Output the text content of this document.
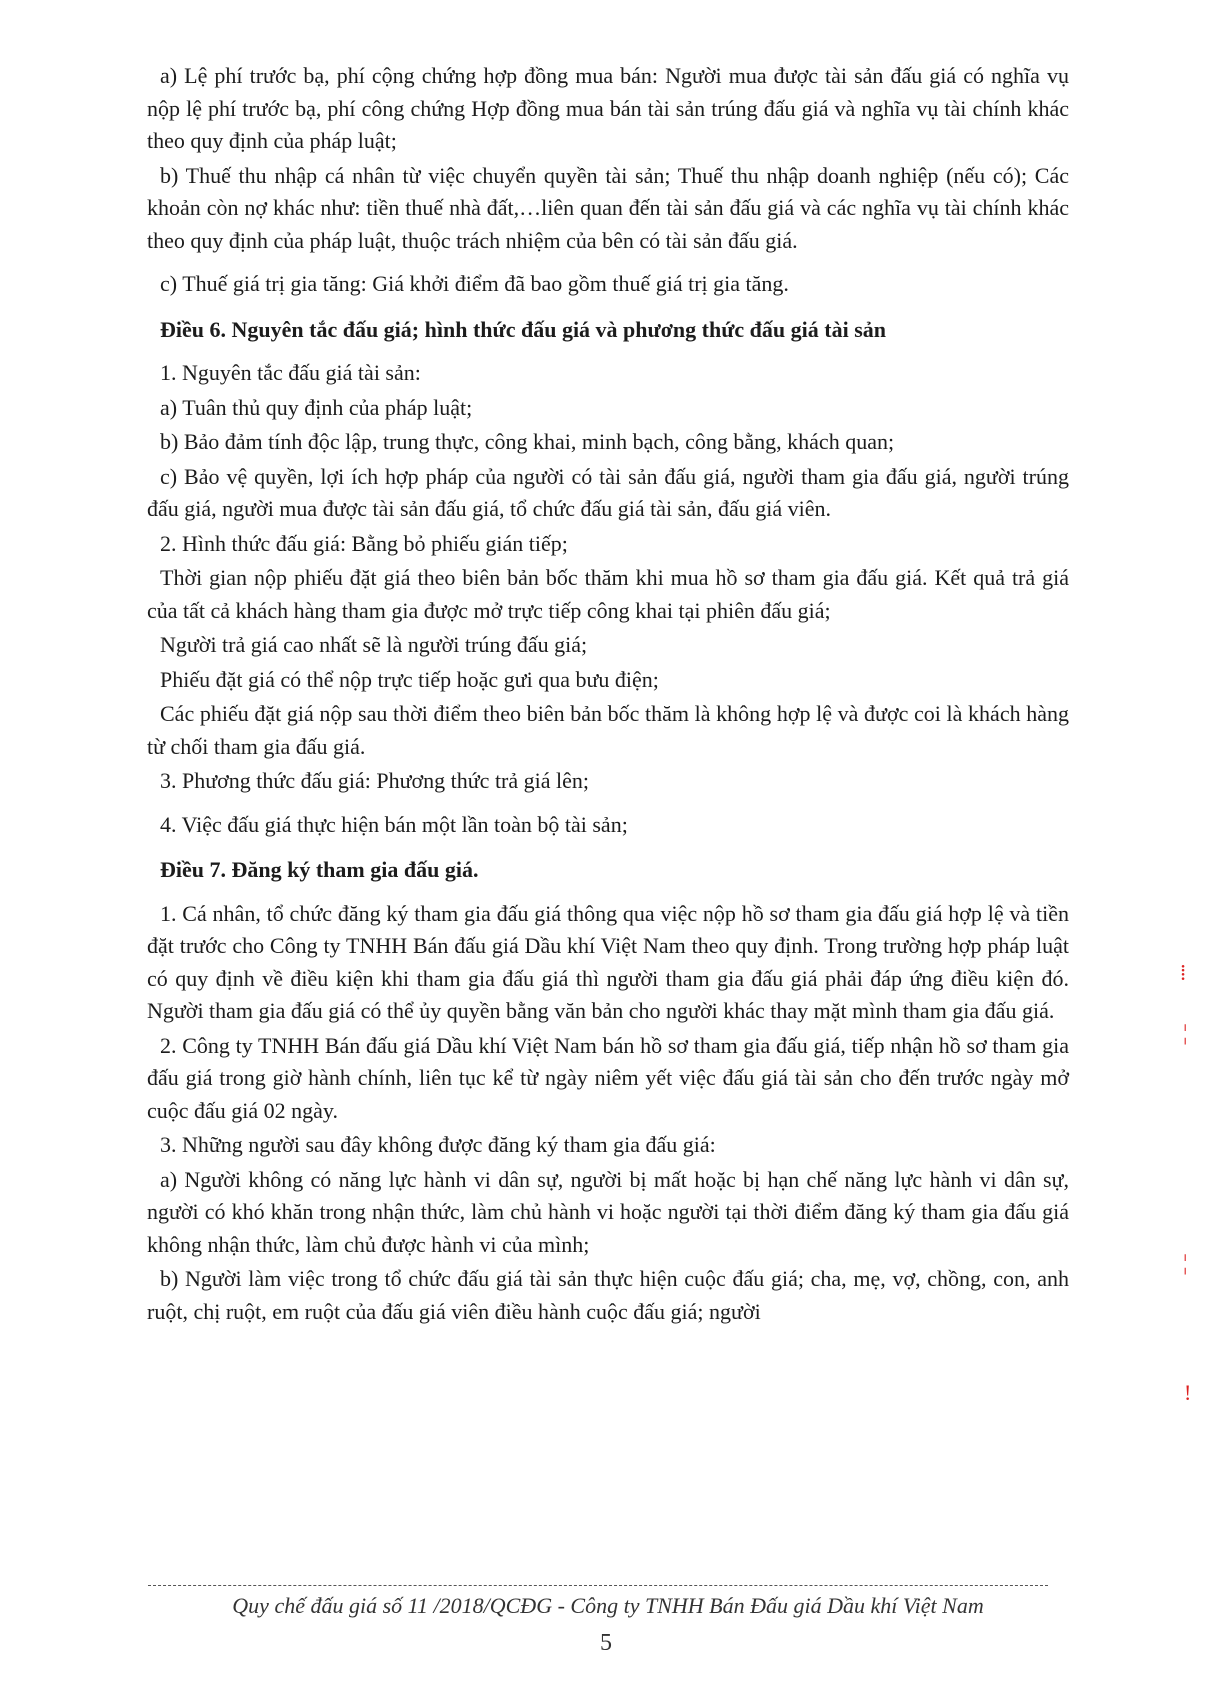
a) Lệ phí trước bạ, phí cộng chứng hợp đồng mua bán: Người mua được tài sản đấu giá có nghĩa vụ nộp lệ phí trước bạ, phí công chứng Hợp đồng mua bán tài sản trúng đấu giá và nghĩa vụ tài chính khác theo quy định của pháp luật;

b) Thuế thu nhập cá nhân từ việc chuyển quyền tài sản; Thuế thu nhập doanh nghiệp (nếu có); Các khoản còn nợ khác như: tiền thuế nhà đất,…liên quan đến tài sản đấu giá và các nghĩa vụ tài chính khác theo quy định của pháp luật, thuộc trách nhiệm của bên có tài sản đấu giá.

c) Thuế giá trị gia tăng: Giá khởi điểm đã bao gồm thuế giá trị gia tăng.

Điều 6. Nguyên tắc đấu giá; hình thức đấu giá và phương thức đấu giá tài sản

1. Nguyên tắc đấu giá tài sản:

a) Tuân thủ quy định của pháp luật;

b) Bảo đảm tính độc lập, trung thực, công khai, minh bạch, công bằng, khách quan;

c) Bảo vệ quyền, lợi ích hợp pháp của người có tài sản đấu giá, người tham gia đấu giá, người trúng đấu giá, người mua được tài sản đấu giá, tổ chức đấu giá tài sản, đấu giá viên.

2. Hình thức đấu giá: Bằng bỏ phiếu gián tiếp;

Thời gian nộp phiếu đặt giá theo biên bản bốc thăm khi mua hồ sơ tham gia đấu giá. Kết quả trả giá của tất cả khách hàng tham gia được mở trực tiếp công khai tại phiên đấu giá;

Người trả giá cao nhất sẽ là người trúng đấu giá;

Phiếu đặt giá có thể nộp trực tiếp hoặc gưi qua bưu điện;

Các phiếu đặt giá nộp sau thời điểm theo biên bản bốc thăm là không hợp lệ và được coi là khách hàng từ chối tham gia đấu giá.

3. Phương thức đấu giá: Phương thức trả giá lên;

4. Việc đấu giá thực hiện bán một lần toàn bộ tài sản;

Điều 7. Đăng ký tham gia đấu giá.

1. Cá nhân, tổ chức đăng ký tham gia đấu giá thông qua việc nộp hồ sơ tham gia đấu giá hợp lệ và tiền đặt trước cho Công ty TNHH Bán đấu giá Dầu khí Việt Nam theo quy định. Trong trường hợp pháp luật có quy định về điều kiện khi tham gia đấu giá thì người tham gia đấu giá phải đáp ứng điều kiện đó. Người tham gia đấu giá có thể ủy quyền bằng văn bản cho người khác thay mặt mình tham gia đấu giá.

2. Công ty TNHH Bán đấu giá Dầu khí Việt Nam bán hồ sơ tham gia đấu giá, tiếp nhận hồ sơ tham gia đấu giá trong giờ hành chính, liên tục kể từ ngày niêm yết việc đấu giá tài sản cho đến trước ngày mở cuộc đấu giá 02 ngày.

3. Những người sau đây không được đăng ký tham gia đấu giá:

a) Người không có năng lực hành vi dân sự, người bị mất hoặc bị hạn chế năng lực hành vi dân sự, người có khó khăn trong nhận thức, làm chủ hành vi hoặc người tại thời điểm đăng ký tham gia đấu giá không nhận thức, làm chủ được hành vi của mình;

b) Người làm việc trong tổ chức đấu giá tài sản thực hiện cuộc đấu giá; cha, mẹ, vợ, chồng, con, anh ruột, chị ruột, em ruột của đấu giá viên điều hành cuộc đấu giá; người

Quy chế đấu giá số 11 /2018/QCĐG - Công ty TNHH Bán Đấu giá Dầu khí Việt Nam
5
⁞
¦
¦
!
